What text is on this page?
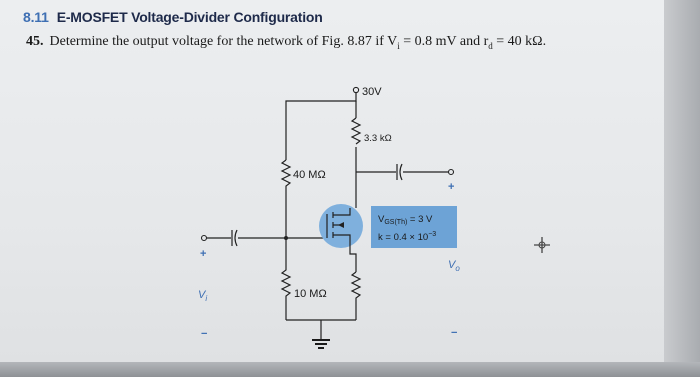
8.11 E-MOSFET Voltage-Divider Configuration
45. Determine the output voltage for the network of Fig. 8.87 if $V_i = 0.8$ mV and $r_d = 40$ kΩ.
30V
3.3 kΩ
+
40 MΩ
+
$V_{GS(Th)} = 3$ V
$k = 0.4 \times 10^{-3}$
10 MΩ
$V_o$
−
$V_i$
−
